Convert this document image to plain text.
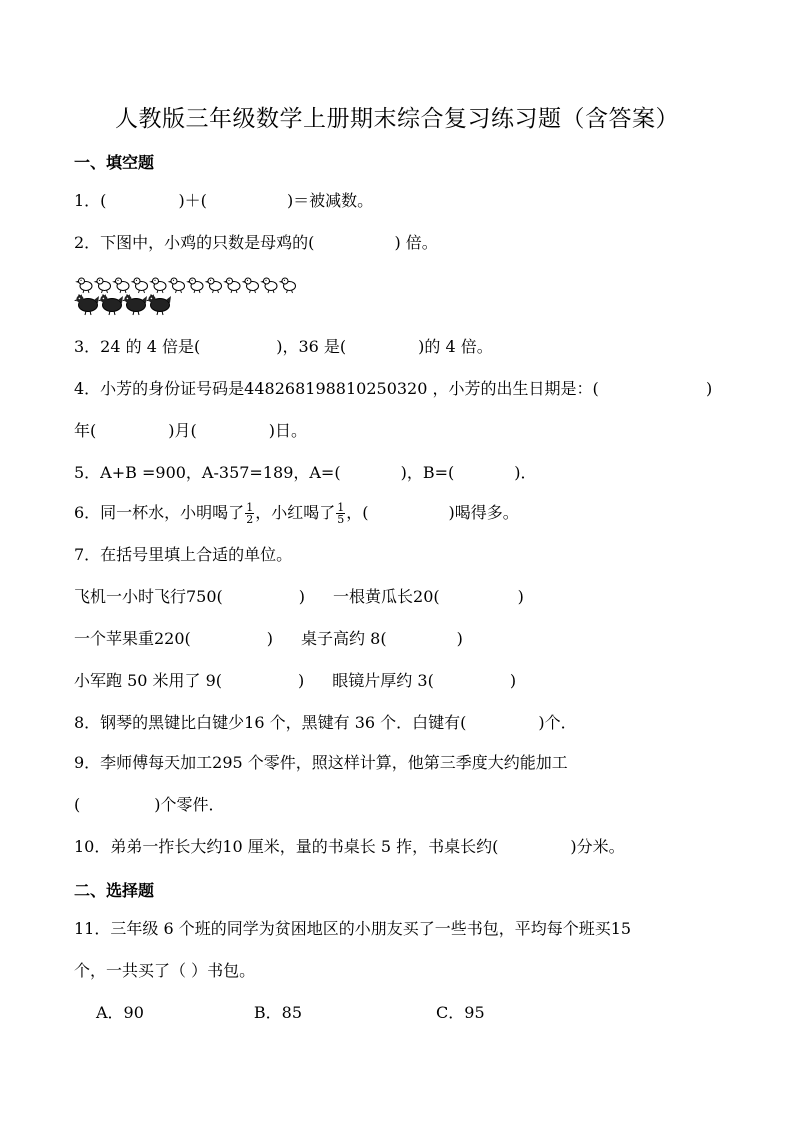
人教版三年级数学上册期末综合复习练习题（含答案）
一、填空题
1．(	)＋(	)＝被减数。
2．下图中，小鸡的只数是母鸡的(	) 倍。
3．24 的 4 倍是(	)，36 是(	)的 4 倍。
4．小芳的身份证号码是448268198810250320 ，小芳的出生日期是：(	)
年(	)月(	)日。
5．A+B =900，A-357=189，A=(	)，B=(	)．
6．同一杯水，小明喝了 $\frac{1}{2}$ ，小红喝了 $\frac{1}{5}$ ，(	)喝得多。
7．在括号里填上合适的单位。
飞机一小时飞行750(	) 一根黄瓜长20(	)
一个苹果重220(	) 桌子高约 8(	)
小军跑 50 米用了 9(	) 眼镜片厚约 3(	)
8．钢琴的黑键比白键少16 个，黑键有 36 个．白键有(	)个．
9．李师傅每天加工295 个零件，照这样计算，他第三季度大约能加工
(	)个零件．
10．弟弟一拃长大约10 厘米，量的书桌长 5 拃，书桌长约(	)分米。
二、选择题
11．三年级 6 个班的同学为贫困地区的小朋友买了一些书包，平均每个班买15
个，一共买了（ ）书包。
A．90	B．85	C．95
